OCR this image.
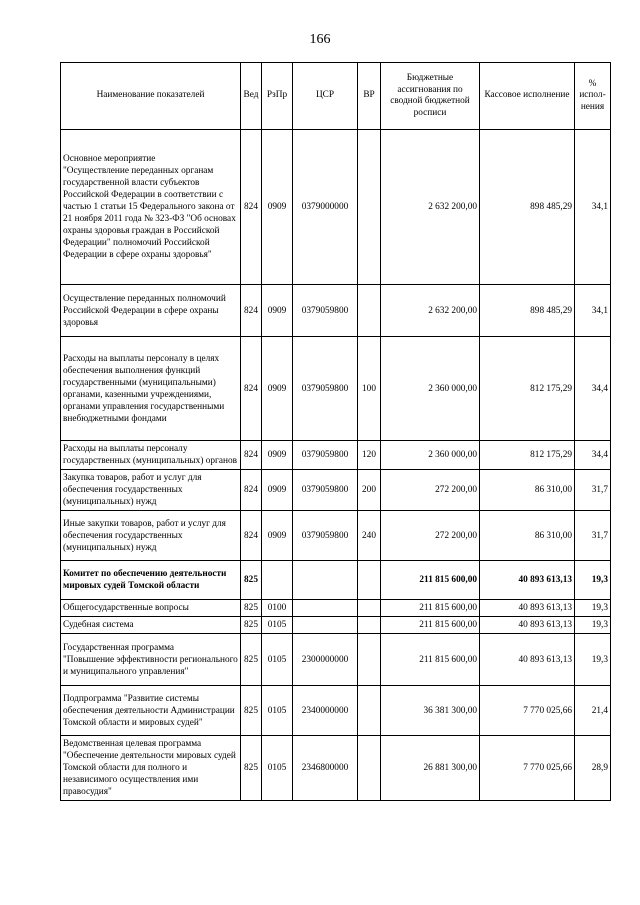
166
Наименование показателей	Вед	РзПр	ЦСР	ВР	Бюджетные ассигнования по сводной бюджетной росписи	Кассовое исполнение	% испол-нения
Основное мероприятие
"Осуществление переданных органам государственной власти субъектов Российской Федерации в соответствии с частью 1 статьи 15 Федерального закона от 21 ноября 2011 года № 323-ФЗ "Об основах охраны здоровья граждан в Российской Федерации" полномочий Российской Федерации в сфере охраны здоровья"	824	0909	0379000000		2 632 200,00	898 485,29	34,1
Осуществление переданных полномочий Российской Федерации в сфере охраны здоровья	824	0909	0379059800		2 632 200,00	898 485,29	34,1
Расходы на выплаты персоналу в целях обеспечения выполнения функций государственными (муниципальными) органами, казенными учреждениями, органами управления государственными внебюджетными фондами	824	0909	0379059800	100	2 360 000,00	812 175,29	34,4
Расходы на выплаты персоналу государственных (муниципальных) органов	824	0909	0379059800	120	2 360 000,00	812 175,29	34,4
Закупка товаров, работ и услуг для обеспечения государственных (муниципальных) нужд	824	0909	0379059800	200	272 200,00	86 310,00	31,7
Иные закупки товаров, работ и услуг для обеспечения государственных (муниципальных) нужд	824	0909	0379059800	240	272 200,00	86 310,00	31,7
Комитет по обеспечению деятельности мировых судей Томской области	825				211 815 600,00	40 893 613,13	19,3
Общегосударственные вопросы	825	0100			211 815 600,00	40 893 613,13	19,3
Судебная система	825	0105			211 815 600,00	40 893 613,13	19,3
Государственная программа
"Повышение эффективности регионального и муниципального управления"	825	0105	2300000000		211 815 600,00	40 893 613,13	19,3
Подпрограмма "Развитие системы обеспечения деятельности Администрации Томской области и мировых судей"	825	0105	2340000000		36 381 300,00	7 770 025,66	21,4
Ведомственная целевая программа "Обеспечение деятельности мировых судей Томской области для полного и независимого осуществления ими правосудия"	825	0105	2346800000		26 881 300,00	7 770 025,66	28,9
